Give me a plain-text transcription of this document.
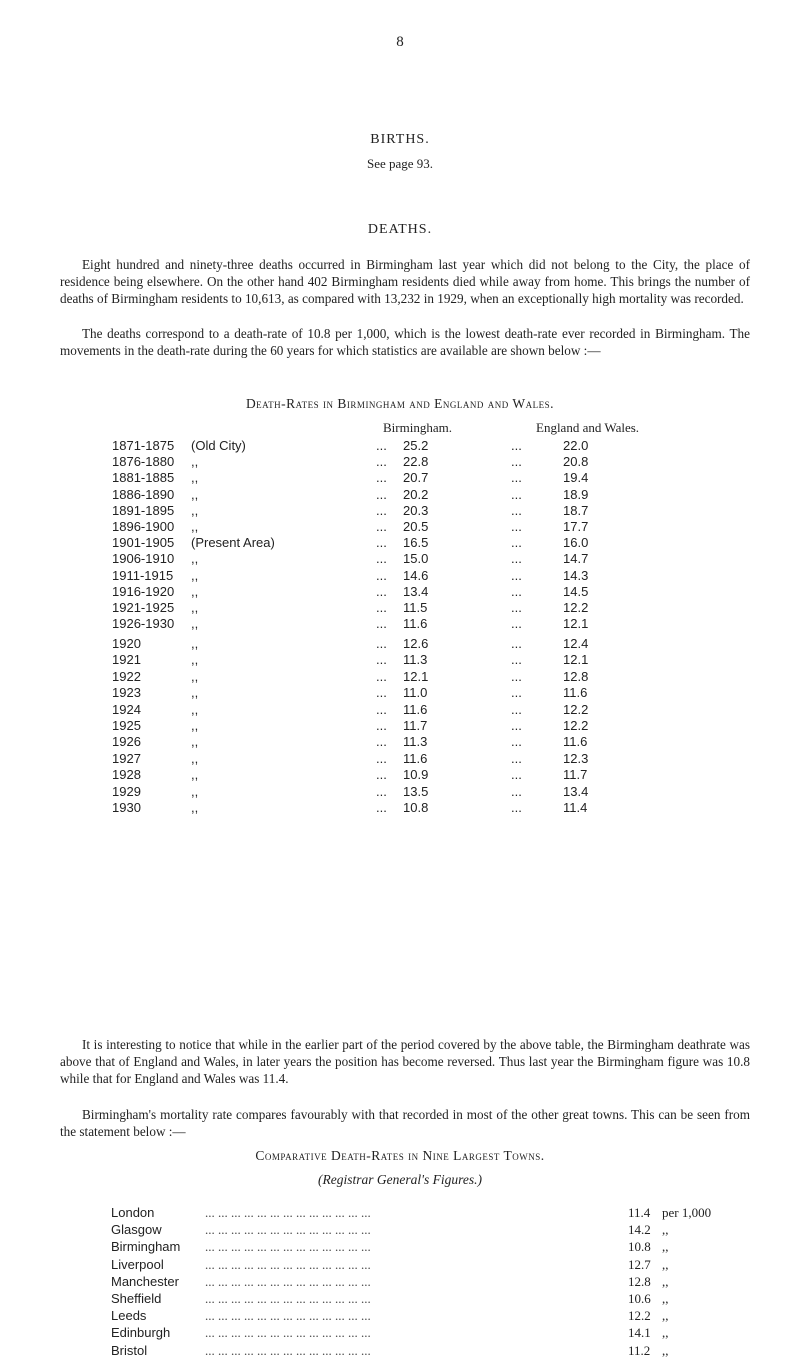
8
BIRTHS.
See page 93.
DEATHS.
Eight hundred and ninety-three deaths occurred in Birmingham last year which did not belong to the City, the place of residence being elsewhere. On the other hand 402 Birmingham residents died while away from home. This brings the number of deaths of Birmingham residents to 10,613, as compared with 13,232 in 1929, when an exceptionally high mortality was recorded.
The deaths correspond to a death-rate of 10.8 per 1,000, which is the lowest death-rate ever recorded in Birmingham. The movements in the death-rate during the 60 years for which statistics are available are shown below :—
Death-Rates in Birmingham and England and Wales.
Birmingham.	England and Wales.
1871-1875 (Old City)	... 25.2	...	22.0
1876-1880 ,,	... 22.8	...	20.8
1881-1885 ,,	... 20.7	...	19.4
1886-1890 ,,	... 20.2	...	18.9
1891-1895 ,,	... 20.3	...	18.7
1896-1900 ,,	... 20.5	...	17.7
1901-1905 (Present Area)	... 16.5	...	16.0
1906-1910 ,,	... 15.0	...	14.7
1911-1915 ,,	... 14.6	...	14.3
1916-1920 ,,	... 13.4	...	14.5
1921-1925 ,,	... 11.5	...	12.2
1926-1930 ,,	... 11.6	...	12.1
1920	,,	... 12.6	...	12.4
1921	,,	... 11.3	...	12.1
1922	,,	... 12.1	...	12.8
1923	,,	... 11.0	...	11.6
1924	,,	... 11.6	...	12.2
1925	,,	... 11.7	...	12.2
1926	,,	... 11.3	...	11.6
1927	,,	... 11.6	...	12.3
1928	,,	... 10.9	...	11.7
1929	,,	... 13.5	...	13.4
1930	,,	... 10.8	...	11.4
It is interesting to notice that while in the earlier part of the period covered by the above table, the Birmingham deathrate was above that of England and Wales, in later years the position has become reversed. Thus last year the Birmingham figure was 10.8 while that for England and Wales was 11.4.
Birmingham's mortality rate compares favourably with that recorded in most of the other great towns. This can be seen from the statement below :—
Comparative Death-Rates in Nine Largest Towns.
(Registrar General's Figures.)
London	... ... ... ... ... ... ... ... ... ... ... ... ...	11.4 per 1,000
Glasgow	... ... ... ... ... ... ... ... ... ... ... ... ...	14.2 ,,
Birmingham ... ... ... ... ... ... ... ... ... ... ... ... ...	10.8 ,,
Liverpool	... ... ... ... ... ... ... ... ... ... ... ... ...	12.7 ,,
Manchester ... ... ... ... ... ... ... ... ... ... ... ... ...	12.8 ,,
Sheffield	... ... ... ... ... ... ... ... ... ... ... ... ...	10.6 ,,
Leeds	... ... ... ... ... ... ... ... ... ... ... ... ...	12.2 ,,
Edinburgh	... ... ... ... ... ... ... ... ... ... ... ... ...	14.1 ,,
Bristol	... ... ... ... ... ... ... ... ... ... ... ... ...	11.2 ,,
